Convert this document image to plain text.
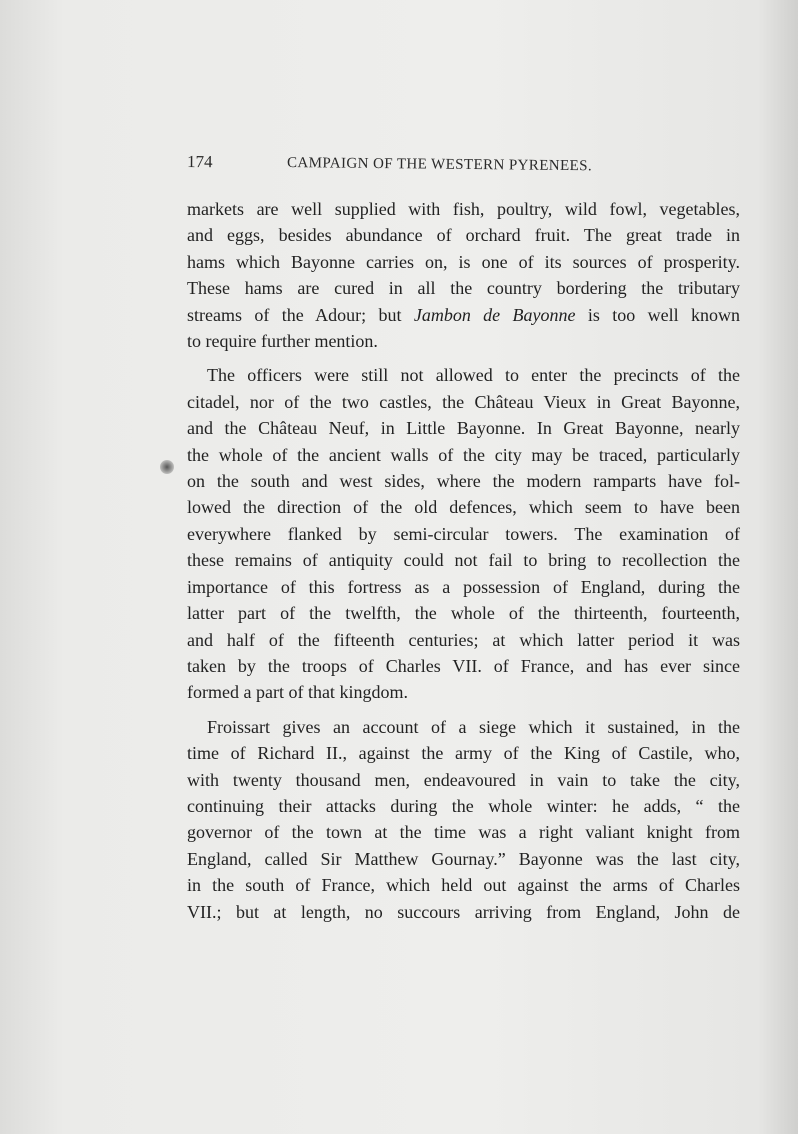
174	CAMPAIGN OF THE WESTERN PYRENEES.
markets are well supplied with fish, poultry, wild fowl, vegetables,
and eggs, besides abundance of orchard fruit. The great trade in
hams which Bayonne carries on, is one of its sources of prosperity.
These hams are cured in all the country bordering the tributary
streams of the Adour; but Jambon de Bayonne is too well known
to require further mention.
The officers were still not allowed to enter the precincts of the
citadel, nor of the two castles, the Château Vieux in Great Bayonne,
and the Château Neuf, in Little Bayonne. In Great Bayonne, nearly
the whole of the ancient walls of the city may be traced, particularly
on the south and west sides, where the modern ramparts have fol-
lowed the direction of the old defences, which seem to have been
everywhere flanked by semi-circular towers. The examination of
these remains of antiquity could not fail to bring to recollection the
importance of this fortress as a possession of England, during the
latter part of the twelfth, the whole of the thirteenth, fourteenth,
and half of the fifteenth centuries; at which latter period it was
taken by the troops of Charles VII. of France, and has ever since
formed a part of that kingdom.
Froissart gives an account of a siege which it sustained, in the
time of Richard II., against the army of the King of Castile, who,
with twenty thousand men, endeavoured in vain to take the city,
continuing their attacks during the whole winter: he adds, “ the
governor of the town at the time was a right valiant knight from
England, called Sir Matthew Gournay.” Bayonne was the last city,
in the south of France, which held out against the arms of Charles
VII.; but at length, no succours arriving from England, John de
